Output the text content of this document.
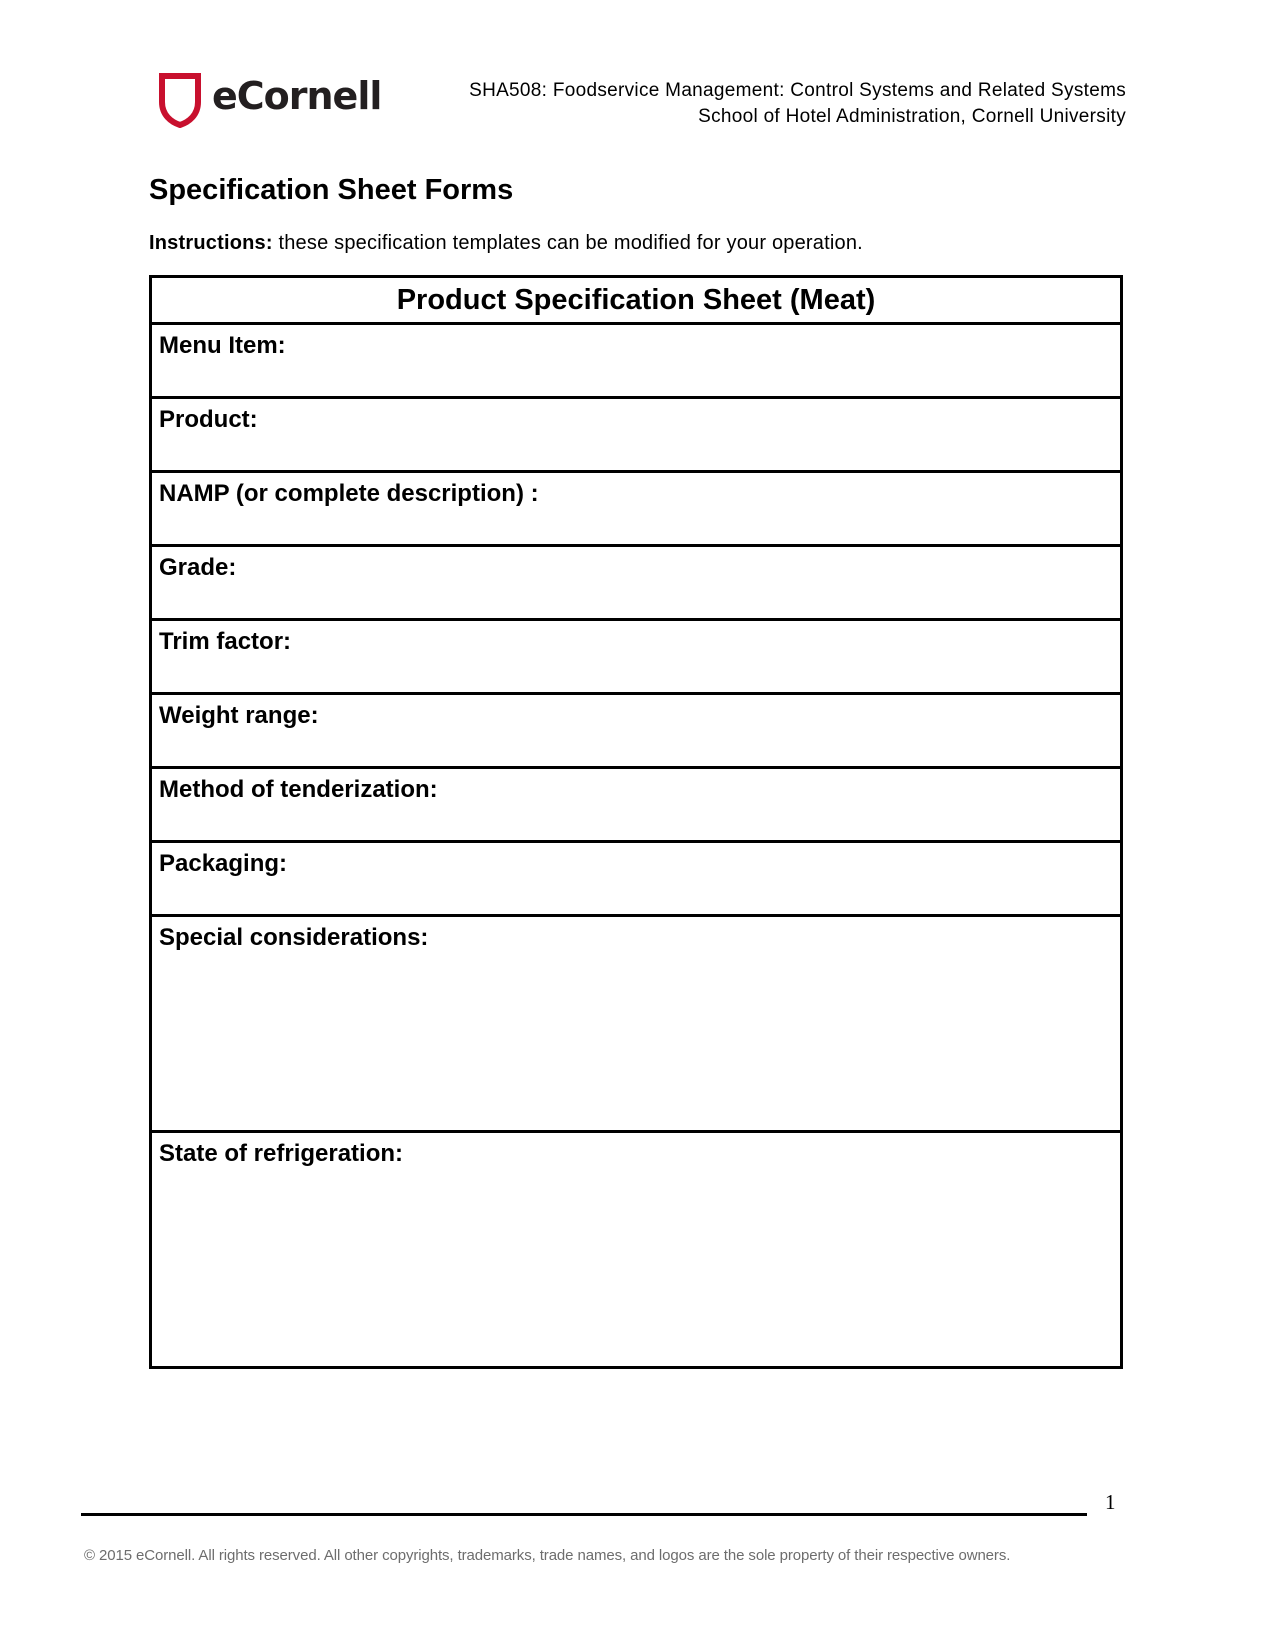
eCornell	SHA508: Foodservice Management: Control Systems and Related Systems
School of Hotel Administration, Cornell University
Specification Sheet Forms
Instructions: these specification templates can be modified for your operation.
Product Specification Sheet (Meat)
Menu Item:
Product:
NAMP (or complete description) :
Grade:
Trim factor:
Weight range:
Method of tenderization:
Packaging:
Special considerations:
State of refrigeration:
1
© 2015 eCornell. All rights reserved. All other copyrights, trademarks, trade names, and logos are the sole property of their respective owners.
